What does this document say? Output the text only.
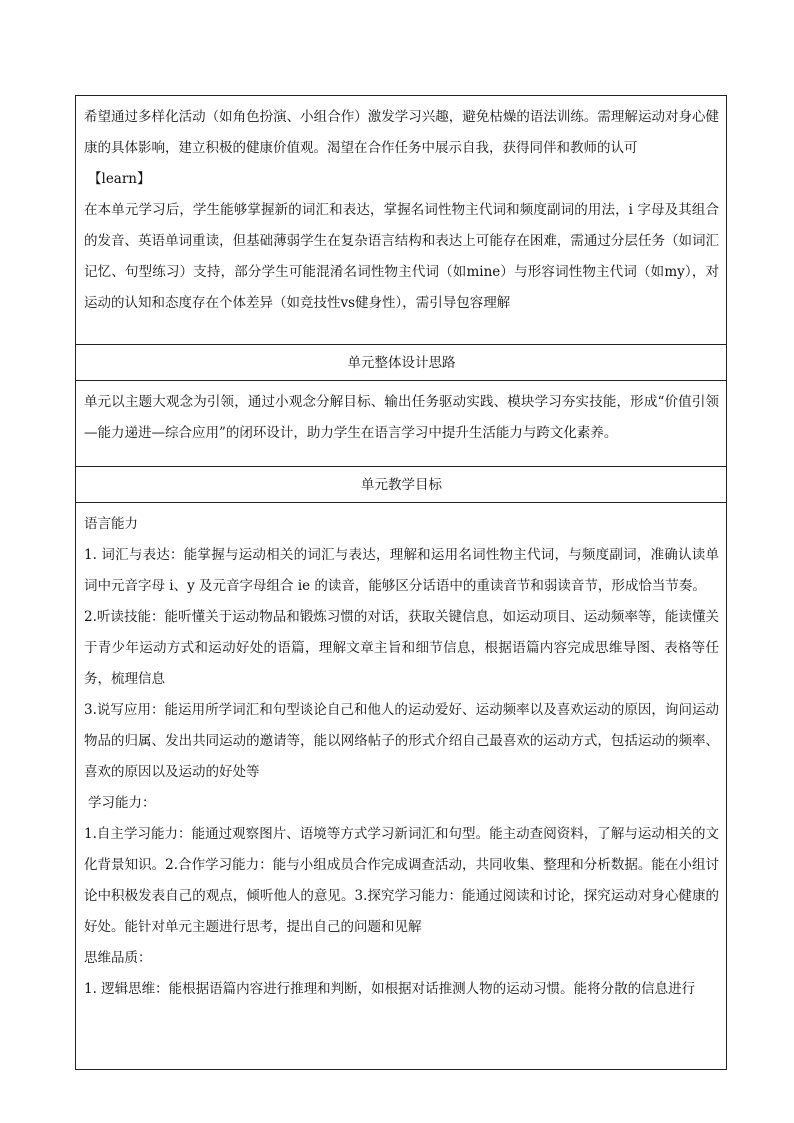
希望通过多样化活动（如角色扮演、小组合作）激发学习兴趣，避免枯燥的语法训练。需理解运动对身心健康的具体影响，建立积极的健康价值观。渴望在合作任务中展示自我，获得同伴和教师的认可

【learn】

在本单元学习后，学生能够掌握新的词汇和表达，掌握名词性物主代词和频度副词的用法，i 字母及其组合的发音、英语单词重读，但基础薄弱学生在复杂语言结构和表达上可能存在困难，需通过分层任务（如词汇记忆、句型练习）支持，部分学生可能混淆名词性物主代词（如mine）与形容词性物主代词（如my），对运动的认知和态度存在个体差异（如竞技性vs健身性），需引导包容理解

单元整体设计思路

单元以主题大观念为引领，通过小观念分解目标、输出任务驱动实践、模块学习夯实技能，形成“价值引领—能力递进—综合应用”的闭环设计，助力学生在语言学习中提升生活能力与跨文化素养。

单元教学目标

语言能力

1. 词汇与表达：能掌握与运动相关的词汇与表达，理解和运用名词性物主代词，与频度副词，准确认读单词中元音字母 i、y 及元音字母组合 ie 的读音，能够区分话语中的重读音节和弱读音节，形成恰当节奏。

2.听读技能：能听懂关于运动物品和锻炼习惯的对话，获取关键信息，如运动项目、运动频率等，能读懂关于青少年运动方式和运动好处的语篇，理解文章主旨和细节信息，根据语篇内容完成思维导图、表格等任务，梳理信息

3.说写应用：能运用所学词汇和句型谈论自己和他人的运动爱好、运动频率以及喜欢运动的原因，询问运动物品的归属、发出共同运动的邀请等，能以网络帖子的形式介绍自己最喜欢的运动方式，包括运动的频率、喜欢的原因以及运动的好处等

学习能力：

1.自主学习能力：能通过观察图片、语境等方式学习新词汇和句型。能主动查阅资料，了解与运动相关的文化背景知识。2.合作学习能力：能与小组成员合作完成调查活动，共同收集、整理和分析数据。能在小组讨论中积极发表自己的观点，倾听他人的意见。3.探究学习能力：能通过阅读和讨论，探究运动对身心健康的好处。能针对单元主题进行思考，提出自己的问题和见解

思维品质：

1. 逻辑思维：能根据语篇内容进行推理和判断，如根据对话推测人物的运动习惯。能将分散的信息进行
